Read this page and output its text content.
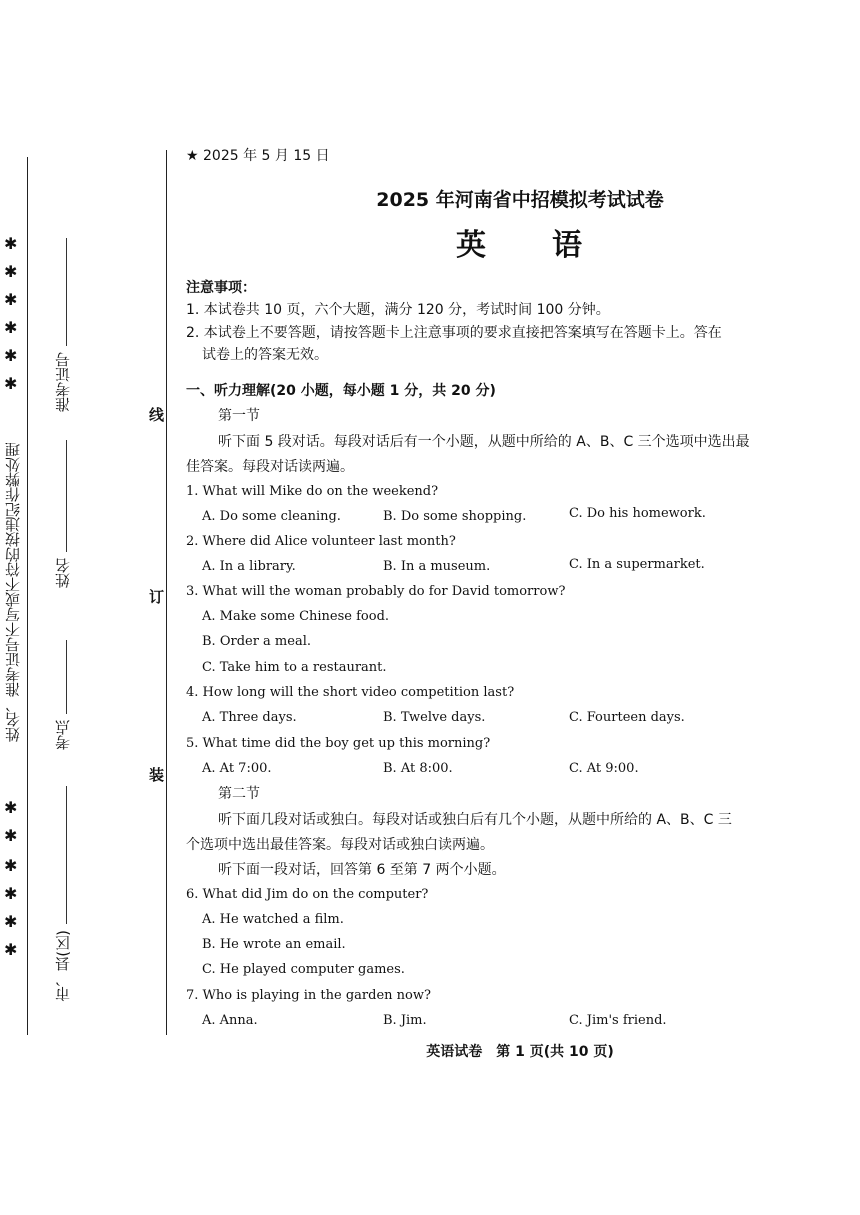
✱
✱
✱
✱
✱
✱
✱
✱
✱
✱
✱
✱
姓名、准考证号不写或不符的按违纪作弊处理
准考证号
姓名
考点
市、县(区)
线
订
装
★ 2025 年 5 月 15 日
2025 年河南省中招模拟考试试卷
英　　语
注意事项：
1. 本试卷共 10 页，六个大题，满分 120 分，考试时间 100 分钟。
2. 本试卷上不要答题，请按答题卡上注意事项的要求直接把答案填写在答题卡上。答在
试卷上的答案无效。
一、听力理解(20 小题，每小题 1 分，共 20 分)
第一节
听下面 5 段对话。每段对话后有一个小题，从题中所给的 A、B、C 三个选项中选出最
佳答案。每段对话读两遍。
1. What will Mike do on the weekend?
A. Do some cleaning.	B. Do some shopping.	C. Do his homework.
2. Where did Alice volunteer last month?
A. In a library.	B. In a museum.	C. In a supermarket.
3. What will the woman probably do for David tomorrow?
A. Make some Chinese food.
B. Order a meal.
C. Take him to a restaurant.
4. How long will the short video competition last?
A. Three days.	B. Twelve days.	C. Fourteen days.
5. What time did the boy get up this morning?
A. At 7:00.	B. At 8:00.	C. At 9:00.
第二节
听下面几段对话或独白。每段对话或独白后有几个小题，从题中所给的 A、B、C 三
个选项中选出最佳答案。每段对话或独白读两遍。
听下面一段对话，回答第 6 至第 7 两个小题。
6. What did Jim do on the computer?
A. He watched a film.
B. He wrote an email.
C. He played computer games.
7. Who is playing in the garden now?
A. Anna.	B. Jim.	C. Jim's friend.
英语试卷　第 1 页(共 10 页)
